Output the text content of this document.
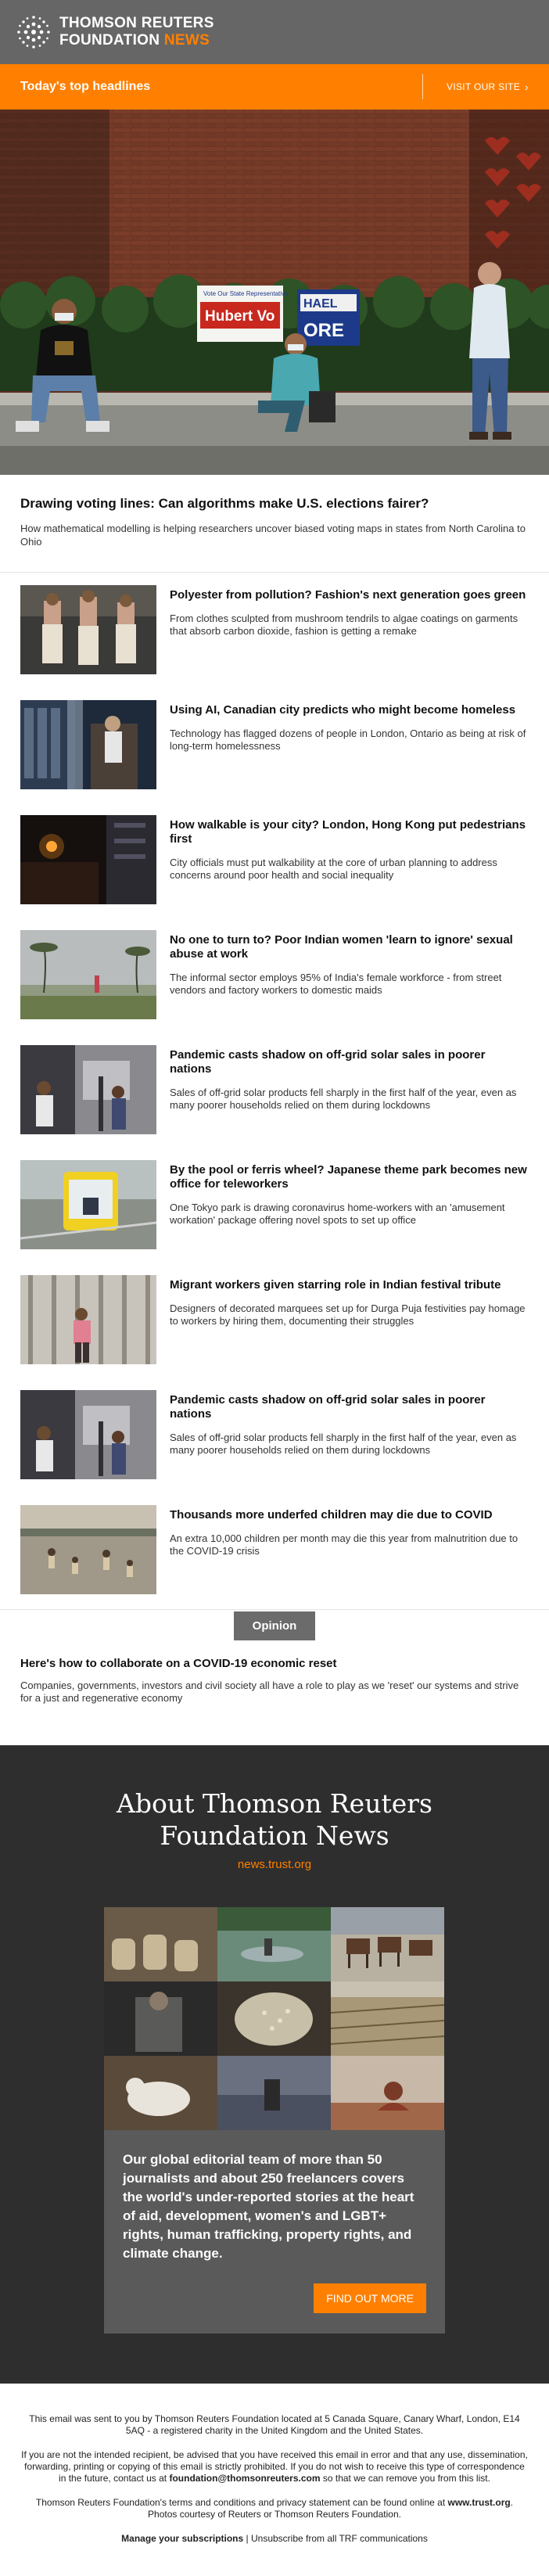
THOMSON REUTERS
FOUNDATION NEWS
Today's top headlines	VISIT OUR SITE ›
Vote Our State Representative
Hubert Vo
HAEL
ORE
Drawing voting lines: Can algorithms make U.S. elections fairer?

How mathematical modelling is helping researchers uncover biased voting maps in states from North Carolina to Ohio

Polyester from pollution? Fashion's next generation goes green

From clothes sculpted from mushroom tendrils to algae coatings on garments that absorb carbon dioxide, fashion is getting a remake

Using AI, Canadian city predicts who might become homeless

Technology has flagged dozens of people in London, Ontario as being at risk of long-term homelessness

How walkable is your city? London, Hong Kong put pedestrians first

City officials must put walkability at the core of urban planning to address concerns around poor health and social inequality

No one to turn to? Poor Indian women 'learn to ignore' sexual abuse at work

The informal sector employs 95% of India's female workforce - from street vendors and factory workers to domestic maids

Pandemic casts shadow on off-grid solar sales in poorer nations

Sales of off-grid solar products fell sharply in the first half of the year, even as many poorer households relied on them during lockdowns

By the pool or ferris wheel? Japanese theme park becomes new office for teleworkers

One Tokyo park is drawing coronavirus home-workers with an 'amusement workation' package offering novel spots to set up office

Migrant workers given starring role in Indian festival tribute

Designers of decorated marquees set up for Durga Puja festivities pay homage to workers by hiring them, documenting their struggles

Pandemic casts shadow on off-grid solar sales in poorer nations

Sales of off-grid solar products fell sharply in the first half of the year, even as many poorer households relied on them during lockdowns

Thousands more underfed children may die due to COVID

An extra 10,000 children per month may die this year from malnutrition due to the COVID-19 crisis

Opinion
Here's how to collaborate on a COVID-19 economic reset

Companies, governments, investors and civil society all have a role to play as we 'reset' our systems and strive for a just and regenerative economy

About Thomson Reuters
Foundation News
news.trust.org

Our global editorial team of more than 50 journalists and about 250 freelancers covers the world's under-reported stories at the heart of aid, development, women's and LGBT+ rights, human trafficking, property rights, and climate change.

FIND OUT MORE

This email was sent to you by Thomson Reuters Foundation located at 5 Canada Square, Canary Wharf, London, E14 5AQ - a registered charity in the United Kingdom and the United States.

If you are not the intended recipient, be advised that you have received this email in error and that any use, dissemination, forwarding, printing or copying of this email is strictly prohibited. If you do not wish to receive this type of correspondence in the future, contact us at foundation@thomsonreuters.com so that we can remove you from this list.

Thomson Reuters Foundation's terms and conditions and privacy statement can be found online at www.trust.org.
Photos courtesy of Reuters or Thomson Reuters Foundation.

Manage your subscriptions | Unsubscribe from all TRF communications
